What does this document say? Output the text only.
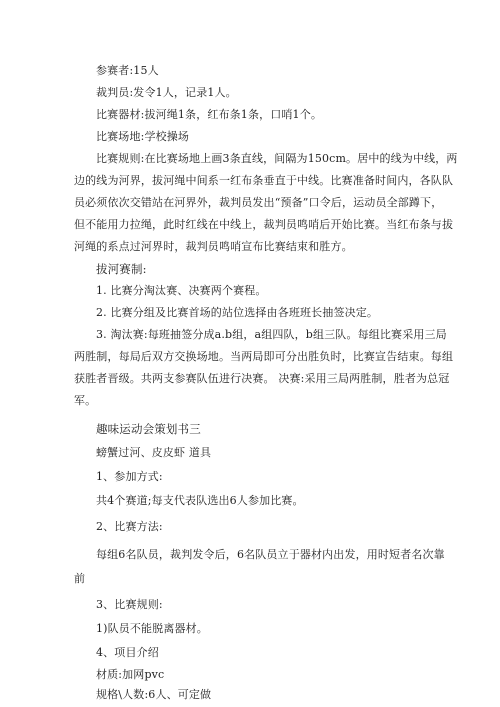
参赛者:15人
裁判员:发令1人，记录1人。
比赛器材:拔河绳1条，红布条1条，口哨1个。
比赛场地:学校操场
比赛规则:在比赛场地上画3条直线，间隔为150cm。居中的线为中线，两
边的线为河界，拔河绳中间系一红布条垂直于中线。比赛准备时间内，各队队
员必须依次交错站在河界外，裁判员发出“预备”口令后，运动员全部蹲下，
但不能用力拉绳，此时红线在中线上，裁判员鸣哨后开始比赛。当红布条与拔
河绳的系点过河界时，裁判员鸣哨宣布比赛结束和胜方。
拔河赛制:
1. 比赛分淘汰赛、决赛两个赛程。
2. 比赛分组及比赛首场的站位选择由各班班长抽签决定。
3. 淘汰赛:每班抽签分成a.b组，a组四队，b组三队。每组比赛采用三局
两胜制，每局后双方交换场地。当两局即可分出胜负时，比赛宣告结束。每组
获胜者晋级。共两支参赛队伍进行决赛。 决赛:采用三局两胜制，胜者为总冠
军。
趣味运动会策划书三
螃蟹过河、皮皮虾 道具
1、参加方式:
共4个赛道;每支代表队选出6人参加比赛。
2、比赛方法:
每组6名队员，裁判发令后，6名队员立于器材内出发，用时短者名次靠
前
3、比赛规则:
1)队员不能脱离器材。
4、项目介绍
材质:加网pvc
规格\人数:6人、可定做
